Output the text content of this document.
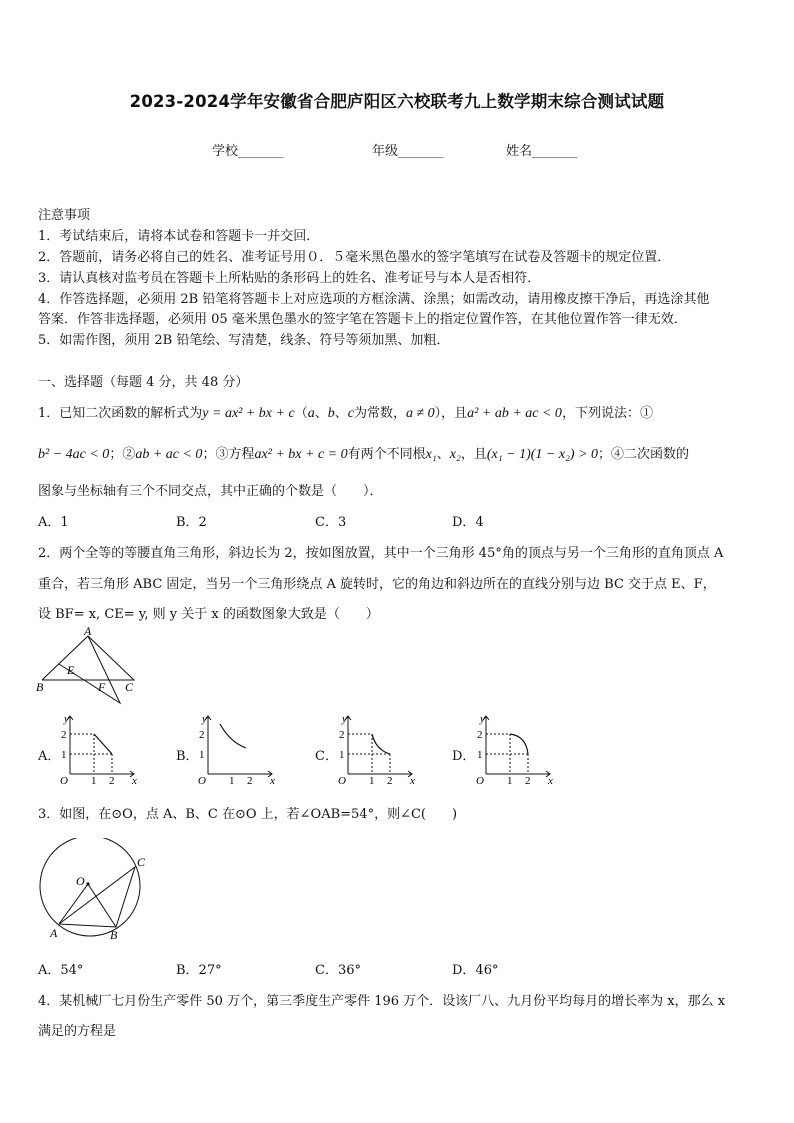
2023-2024学年安徽省合肥庐阳区六校联考九上数学期末综合测试试题
学校_______	年级_______	姓名_______
注意事项
1．考试结束后，请将本试卷和答题卡一并交回．
2．答题前，请务必将自己的姓名、准考证号用０．５毫米黑色墨水的签字笔填写在试卷及答题卡的规定位置．
3．请认真核对监考员在答题卡上所粘贴的条形码上的姓名、准考证号与本人是否相符．
4．作答选择题，必须用 2B 铅笔将答题卡上对应选项的方框涂满、涂黑；如需改动，请用橡皮擦干净后，再选涂其他
答案．作答非选择题，必须用 05 毫米黑色墨水的签字笔在答题卡上的指定位置作答，在其他位置作答一律无效．
5．如需作图，须用 2B 铅笔绘、写清楚，线条、符号等须加黑、加粗．
一、选择题（每题 4 分，共 48 分）
1．已知二次函数的解析式为y = ax² + bx + c（a、b、c为常数，a ≠ 0），且a² + ab + ac < 0，下列说法：①
b² − 4ac < 0；②ab + ac < 0；③方程ax² + bx + c = 0有两个不同根x₁、x₂，且(x₁ − 1)(1 − x₂) > 0；④二次函数的
图象与坐标轴有三个不同交点，其中正确的个数是（　　）．
A．1	B．2	C．3	D．4
2．两个全等的等腰直角三角形，斜边长为 2，按如图放置，其中一个三角形 45°角的顶点与另一个三角形的直角顶点 A
重合，若三角形 ABC 固定，当另一个三角形绕点 A 旋转时，它的角边和斜边所在的直线分别与边 BC 交于点 E、F，
设 BF= x, CE= y, 则 y 关于 x 的函数图象大致是（　　）
A
B	C
E
F
A．	B．	C．	D．
y
x
O
2
1
1 2
y
x
O
2
1
1 2
y
x
O
2
1
1 2
y
x
O
2
1
1 2
3．如图，在⊙O，点 A、B、C 在⊙O 上，若∠OAB=54°，则∠C(　　)
O
A	B
C
A．54°	B．27°	C．36°	D．46°
4．某机械厂七月份生产零件 50 万个，第三季度生产零件 196 万个．设该厂八、九月份平均每月的增长率为 x，那么 x
满足的方程是
